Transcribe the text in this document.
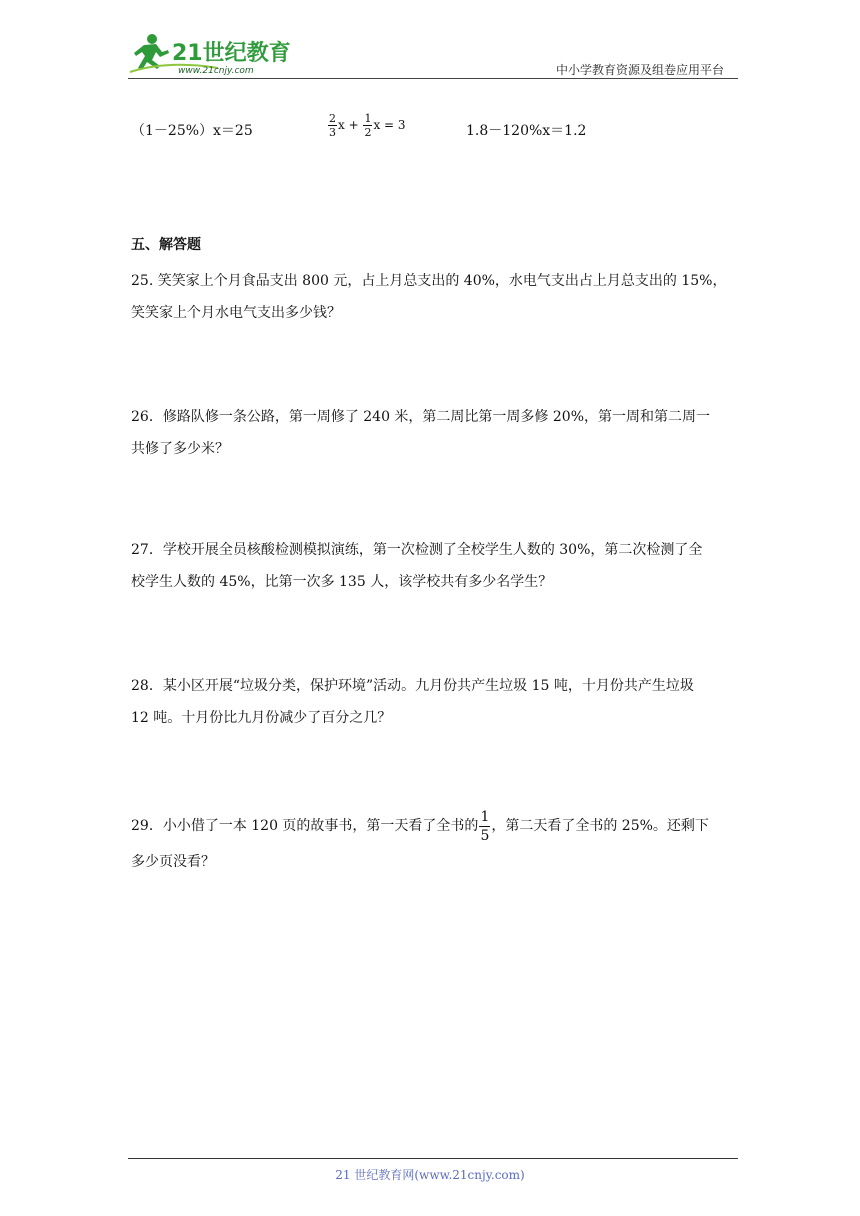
21世纪教育
www.21cnjy.com	中小学教育资源及组卷应用平台
（1－25%）x＝25	$\frac{2}{3}$ $x + \frac{1}{2}$ x = 3	1.8－120%x＝1.2
五、解答题
25. 笑笑家上个月食品支出 800 元，占上月总支出的 40%，水电气支出占上月总支出的 15%，
笑笑家上个月水电气支出多少钱？
26．修路队修一条公路，第一周修了 240 米，第二周比第一周多修 20%，第一周和第二周一
共修了多少米？
27．学校开展全员核酸检测模拟演练，第一次检测了全校学生人数的 30%，第二次检测了全
校学生人数的 45%，比第一次多 135 人，该学校共有多少名学生？
28．某小区开展“垃圾分类，保护环境”活动。九月份共产生垃圾 15 吨，十月份共产生垃圾
12 吨。十月份比九月份减少了百分之几？
29．小小借了一本 120 页的故事书，第一天看了全书的 $\frac{1}{5}$ ，第二天看了全书的 25%。还剩下
多少页没看？
21 世纪教育网(www.21cnjy.com)
